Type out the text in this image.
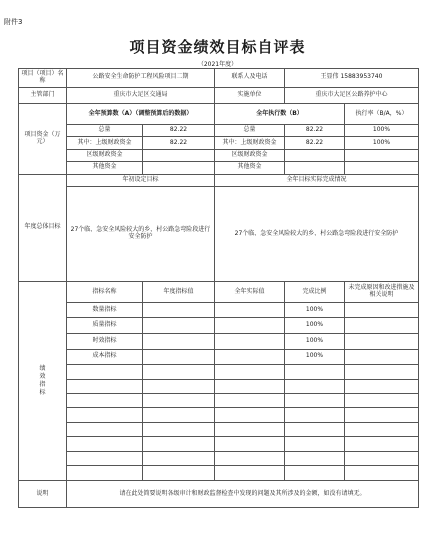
附件3
项目资金绩效目标自评表
（2021年度）
项目（项目）名称	公路安全生命防护工程风险项目二期		联系人及电话	王显伟 15883953740	
主管部门	重庆市大足区交通局		实施单位	重庆市大足区公路养护中心	
项目资金（万元）	全年预算数（A）（调整预算后的数据）		全年执行数（B）		执行率（B/A，%）
	总量	82.22	总量	82.22	100%
	其中：上级财政资金	82.22	其中：上级财政资金	82.22	100%
	区级财政资金		区级财政资金		
	其他资金		其他资金		
年度总体目标	年初设定目标		全年目标实际完成情况		
	27个临、急安全风险较大的乡、村公路急弯险段进行安全防护		27个临、急安全风险较大的乡、村公路急弯险段进行安全防护		

绩效指标	指标名称	年度指标值	全年实际值	完成比例	未完成原因和改进措施及相关说明
	数量指标			100%	
	质量指标			100%	
	时效指标			100%	
	成本指标			100%	

说明	请在此处简要说明各级审计和财政监督检查中发现的问题及其所涉及的金额，如没有请填无。				
